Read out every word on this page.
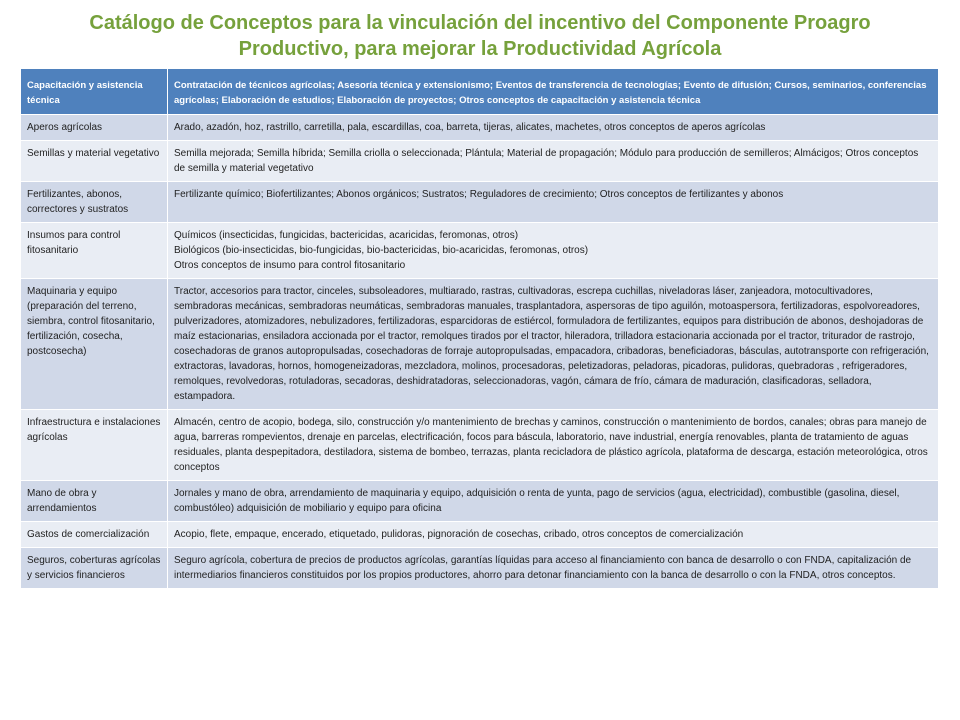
Catálogo de Conceptos para la vinculación del incentivo del Componente Proagro
Productivo, para mejorar la Productividad Agrícola
Capacitación y asistencia técnica	Contratación de técnicos agrícolas; Asesoría técnica y extensionismo; Eventos de transferencia de tecnologías; Evento de difusión; Cursos, seminarios, conferencias agrícolas; Elaboración de estudios; Elaboración de proyectos; Otros conceptos de capacitación y asistencia técnica
Aperos agrícolas	Arado, azadón, hoz, rastrillo, carretilla, pala, escardillas, coa, barreta, tijeras, alicates, machetes, otros conceptos de aperos agrícolas
Semillas y material vegetativo	Semilla mejorada; Semilla híbrida; Semilla criolla o seleccionada; Plántula; Material de propagación; Módulo para producción de semilleros; Almácigos; Otros conceptos de semilla y material vegetativo
Fertilizantes, abonos, correctores y sustratos	Fertilizante químico; Biofertilizantes; Abonos orgánicos; Sustratos; Reguladores de crecimiento; Otros conceptos de fertilizantes y abonos
Insumos para control fitosanitario	Químicos (insecticidas, fungicidas, bactericidas, acaricidas, feromonas, otros)
Biológicos (bio-insecticidas, bio-fungicidas, bio-bactericidas, bio-acaricidas, feromonas, otros)
Otros conceptos de insumo para control fitosanitario

Maquinaria y equipo (preparación del terreno, siembra, control fitosanitario, fertilización, cosecha, postcosecha)	Tractor, accesorios para tractor, cinceles, subsoleadores, multiarado, rastras, cultivadoras, escrepa cuchillas, niveladoras láser, zanjeadora, motocultivadores, sembradoras mecánicas, sembradoras neumáticas, sembradoras manuales, trasplantadora, aspersoras de tipo aguilón, motoaspersora, fertilizadoras, espolvoreadores, pulverizadores, atomizadores, nebulizadores, fertilizadoras, esparcidoras de estiércol, formuladora de fertilizantes, equipos para distribución de abonos, deshojadoras de maíz estacionarias, ensiladora accionada por el tractor, remolques tirados por el tractor, hileradora, trilladora estacionaria accionada por el tractor, triturador de rastrojo, cosechadoras de granos autopropulsadas, cosechadoras de forraje autopropulsadas, empacadora, cribadoras, beneficiadoras, básculas, autotransporte con refrigeración, extractoras, lavadoras, hornos, homogeneizadoras, mezcladora, molinos, procesadoras, peletizadoras, peladoras, picadoras, pulidoras, quebradoras , refrigeradores, remolques, revolvedoras, rotuladoras, secadoras, deshidratadoras, seleccionadoras, vagón, cámara de frío, cámara de maduración, clasificadoras, selladora, estampadora.
Infraestructura e instalaciones agrícolas	Almacén, centro de acopio, bodega, silo, construcción y/o mantenimiento de brechas y caminos, construcción o mantenimiento de bordos, canales; obras para manejo de agua, barreras rompevientos, drenaje en parcelas, electrificación, focos para báscula, laboratorio, nave industrial, energía renovables, planta de tratamiento de aguas residuales, planta despepitadora, destiladora, sistema de bombeo, terrazas, planta recicladora de plástico agrícola, plataforma de descarga, estación meteorológica, otros conceptos
Mano de obra y arrendamientos	Jornales y mano de obra, arrendamiento de maquinaria y equipo, adquisición o renta de yunta, pago de servicios (agua, electricidad), combustible (gasolina, diesel, combustóleo) adquisición de mobiliario y equipo para oficina
Gastos de comercialización	Acopio, flete, empaque, encerado, etiquetado, pulidoras, pignoración de cosechas, cribado, otros conceptos de comercialización
Seguros, coberturas agrícolas y servicios financieros	Seguro agrícola, cobertura de precios de productos agrícolas, garantías líquidas para acceso al financiamiento con banca de desarrollo o con FNDA, capitalización de intermediarios financieros constituidos por los propios productores, ahorro para detonar financiamiento con la banca de desarrollo o con la FNDA, otros conceptos.
